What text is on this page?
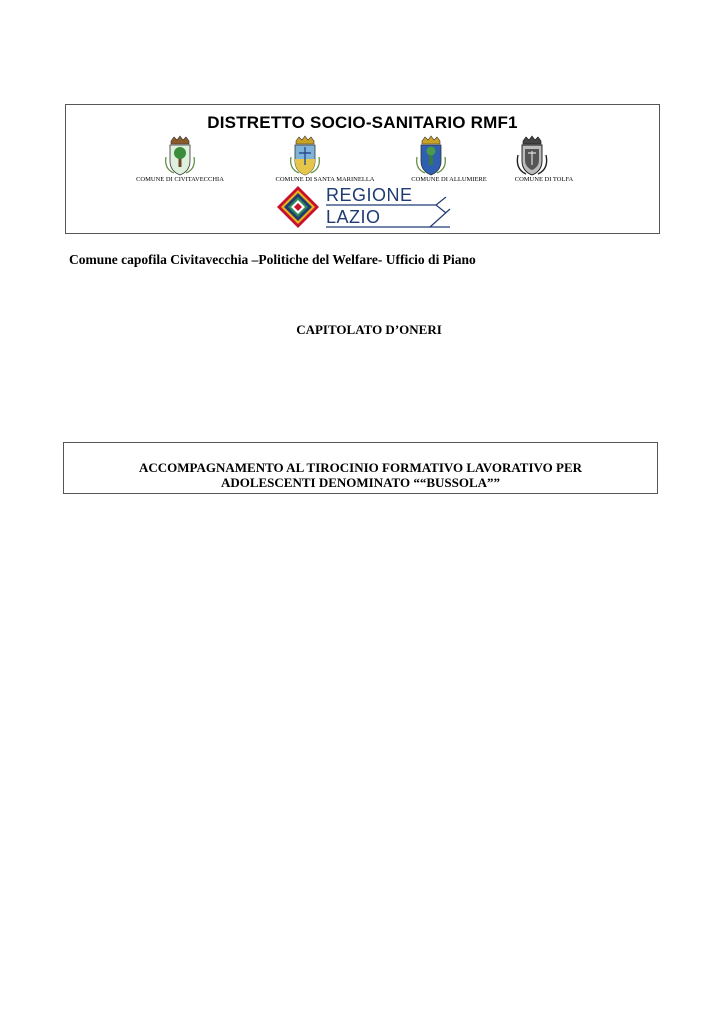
DISTRETTO SOCIO-SANITARIO RMF1
COMUNE DI CIVITAVECCHIA	COMUNE DI SANTA MARINELLA	COMUNE DI ALLUMIERE	COMUNE DI TOLFA
REGIONE
LAZIO
Comune capofila Civitavecchia –Politiche del Welfare- Ufficio di Piano
CAPITOLATO D’ONERI
ACCOMPAGNAMENTO AL TIROCINIO FORMATIVO LAVORATIVO PER
ADOLESCENTI DENOMINATO ““BUSSOLA””
